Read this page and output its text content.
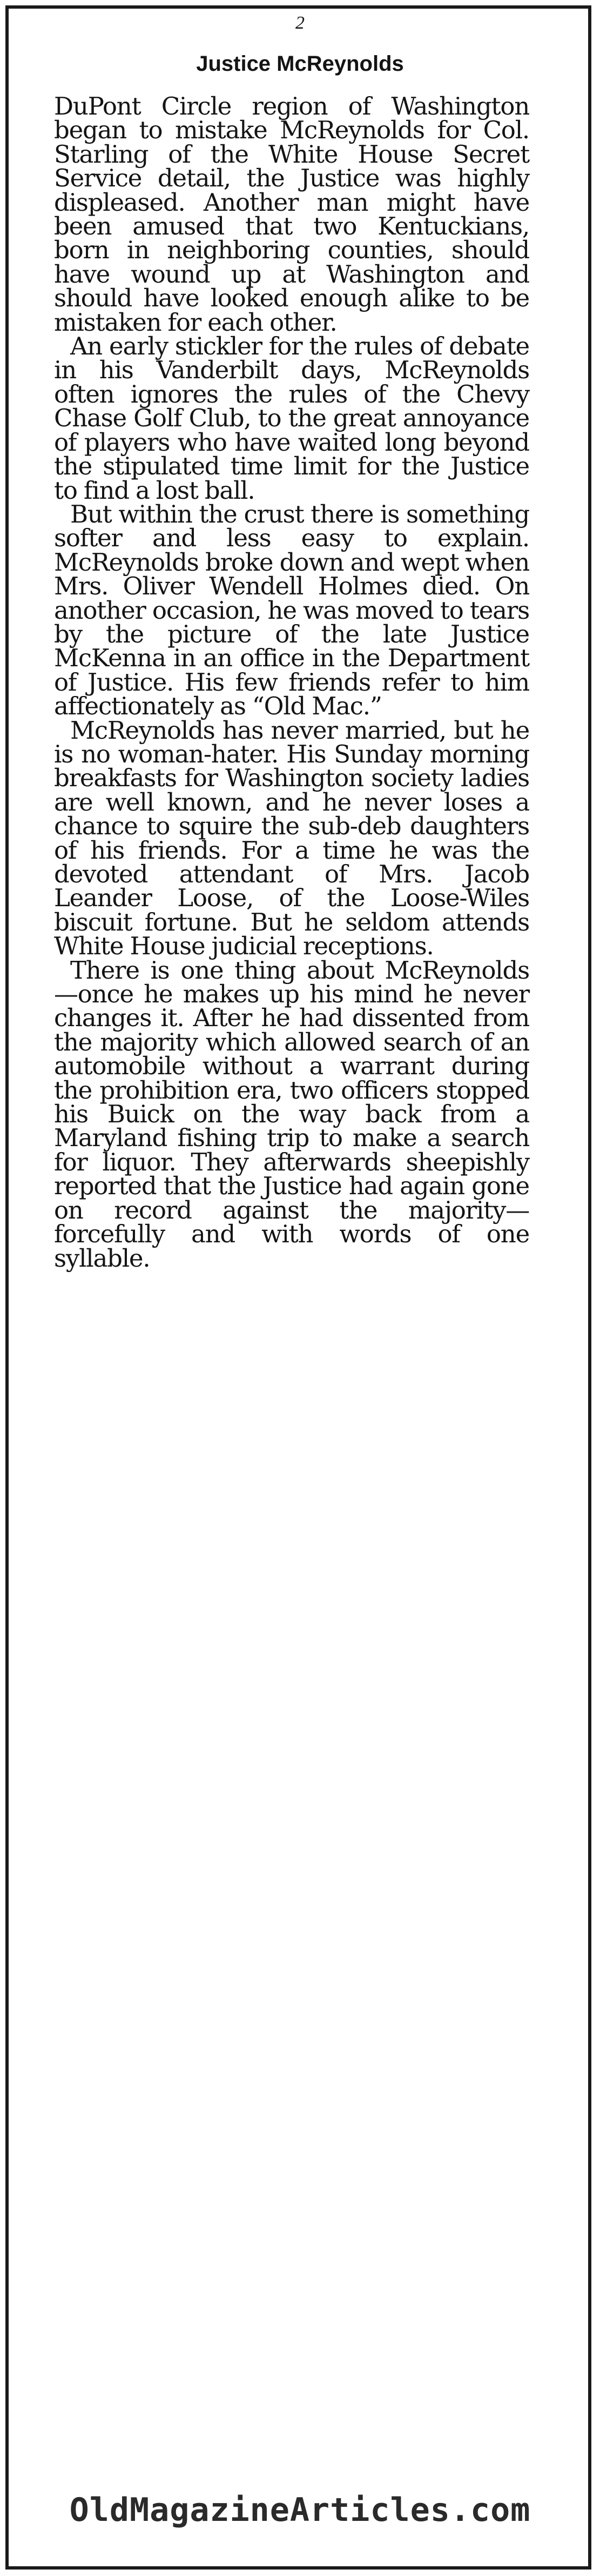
2
Justice McReynolds

DuPont Circle region of Washington began to mistake McReynolds for Col. Starling of the White House Secret Service detail, the Justice was highly displeased. Another man might have been amused that two Kentuckians, born in neighboring counties, should have wound up at Washington and should have looked enough alike to be mistaken for each other.

An early stickler for the rules of debate in his Vanderbilt days, McReynolds often ignores the rules of the Chevy Chase Golf Club, to the great annoyance of players who have waited long beyond the stipulated time limit for the Justice to find a lost ball.

But within the crust there is something softer and less easy to explain. McReynolds broke down and wept when Mrs. Oliver Wendell Holmes died. On another occasion, he was moved to tears by the picture of the late Justice McKenna in an office in the Department of Justice. His few friends refer to him affectionately as “Old Mac.”

McReynolds has never married, but he is no woman-hater. His Sunday morning breakfasts for Washington society ladies are well known, and he never loses a chance to squire the sub-deb daughters of his friends. For a time he was the devoted attendant of Mrs. Jacob Leander Loose, of the Loose-Wiles biscuit fortune. But he seldom attends White House judicial receptions.

There is one thing about McReynolds —once he makes up his mind he never changes it. After he had dissented from the majority which allowed search of an automobile without a warrant during the prohibition era, two officers stopped his Buick on the way back from a Maryland fishing trip to make a search for liquor. They afterwards sheepishly reported that the Justice had again gone on record against the majority—forcefully and with words of one syllable.

OldMagazineArticles.com
